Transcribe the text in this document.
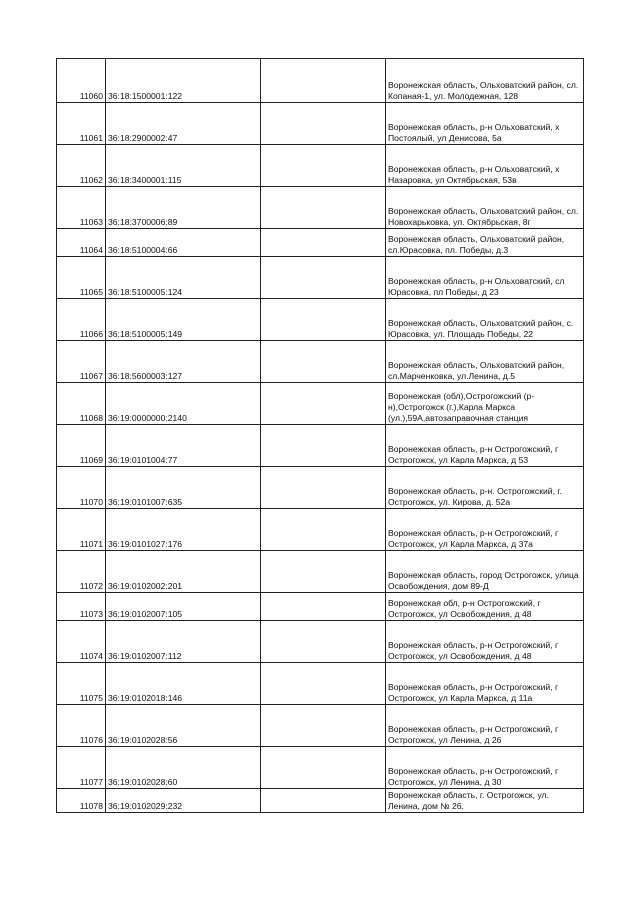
11060	36:18:1500001:122		Воронежская область, Ольховатский район, сл. Копаная-1, ул. Молодежная, 128
11061	36:18:2900002:47		Воронежская область, р-н Ольховатский, х Постоялый, ул Денисова, 5а
11062	36:18:3400001:115		Воронежская область, р-н Ольховатский, х Назаровка, ул Октябрьская, 53в
11063	36:18:3700006:89		Воронежская область, Ольховатский район, сл. Новохарьковка, ул. Октябрьская, 8г
11064	36:18:5100004:66		Воронежская область, Ольховатский район, сл.Юрасовка, пл. Победы, д.3
11065	36:18:5100005:124		Воронежская область, р-н Ольховатский, сл Юрасовка, пл Победы, д 23
11066	36:18:5100005:149		Воронежская область, Ольховатский район, с. Юрасовка, ул. Площадь Победы, 22
11067	36:18:5600003:127		Воронежская область, Ольховатский район, сл.Марченковка, ул.Ленина, д.5
11068	36:19:0000000:2140		Воронежская (обл),Острогожский (р-н),Острогожск (г.),Карла Маркса (ул.),59А,автозаправочная станция
11069	36:19:0101004:77		Воронежская область, р-н Острогожский, г Острогожск, ул Карла Маркса, д 53
11070	36:19:0101007:635		Воронежская область, р-н. Острогожский, г. Острогожск, ул. Кирова, д. 52а
11071	36:19:0101027:176		Воронежская область, р-н Острогожский, г Острогожск, ул Карла Маркса, д 37а
11072	36:19:0102002:201		Воронежская область, город Острогожск, улица Освобождения, дом 89-Д
11073	36:19:0102007:105		Воронежская обл, р-н Острогожский, г Острогожск, ул Освобождения, д 48
11074	36:19:0102007:112		Воронежская область, р-н Острогожский, г Острогожск, ул Освобождения, д 48
11075	36:19:0102018:146		Воронежская область, р-н Острогожский, г Острогожск, ул Карла Маркса, д 11а
11076	36:19:0102028:56		Воронежская область, р-н Острогожский, г Острогожск, ул Ленина, д 26
11077	36:19:0102028:60		Воронежская область, р-н Острогожский, г Острогожск, ул Ленина, д 30
11078	36:19:0102029:232		Воронежская область, г. Острогожск, ул. Ленина, дом № 26.
